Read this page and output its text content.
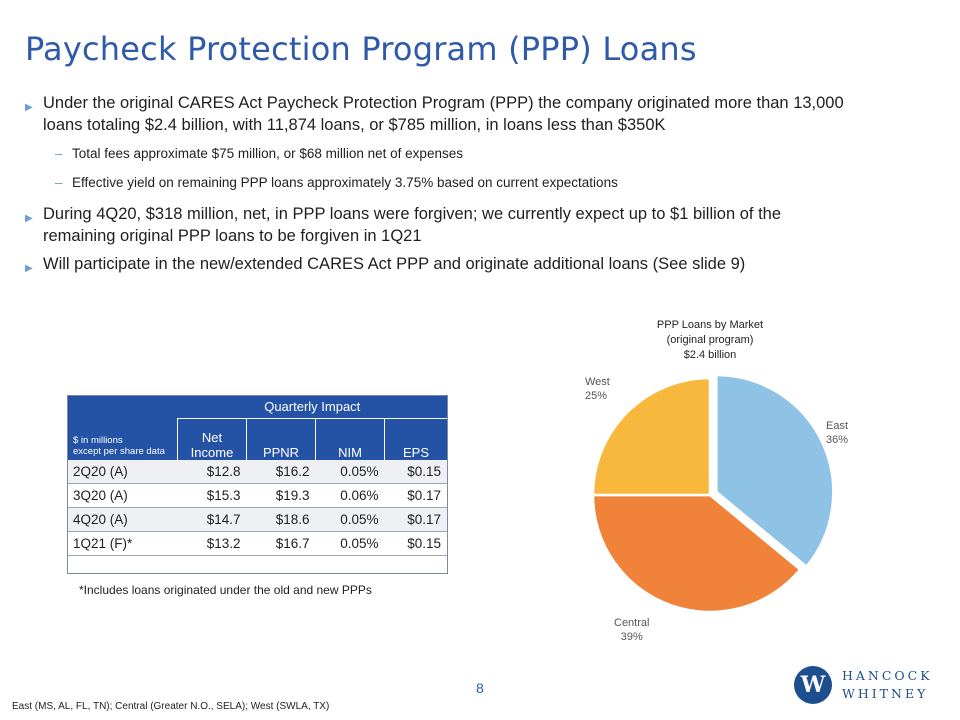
Paycheck Protection Program (PPP) Loans
▶ Under the original CARES Act Paycheck Protection Program (PPP) the company originated more than 13,000 loans totaling $2.4 billion, with 11,874 loans, or $785 million, in loans less than $350K
– Total fees approximate $75 million, or $68 million net of expenses
– Effective yield on remaining PPP loans approximately 3.75% based on current expectations
▶ During 4Q20, $318 million, net, in PPP loans were forgiven; we currently expect up to $1 billion of the remaining original PPP loans to be forgiven in 1Q21
▶ Will participate in the new/extended CARES Act PPP and originate additional loans (See slide 9)
	Quarterly Impact			

$ in millions
except per share data	Net Income	PPNR	NIM	EPS
2Q20 (A)	$12.8	$16.2	0.05%	$0.15
3Q20 (A)	$15.3	$19.3	0.06%	$0.17
4Q20 (A)	$14.7	$18.6	0.05%	$0.17
1Q21 (F)*	$13.2	$16.7	0.05%	$0.15
*Includes loans originated under the old and new PPPs
PPP Loans by Market
(original program)
$2.4 billion
East
36%
Central
39%
West
25%
8
East (MS, AL, FL, TN); Central (Greater N.O., SELA); West (SWLA, TX)
W	HANCOCK
WHITNEY
